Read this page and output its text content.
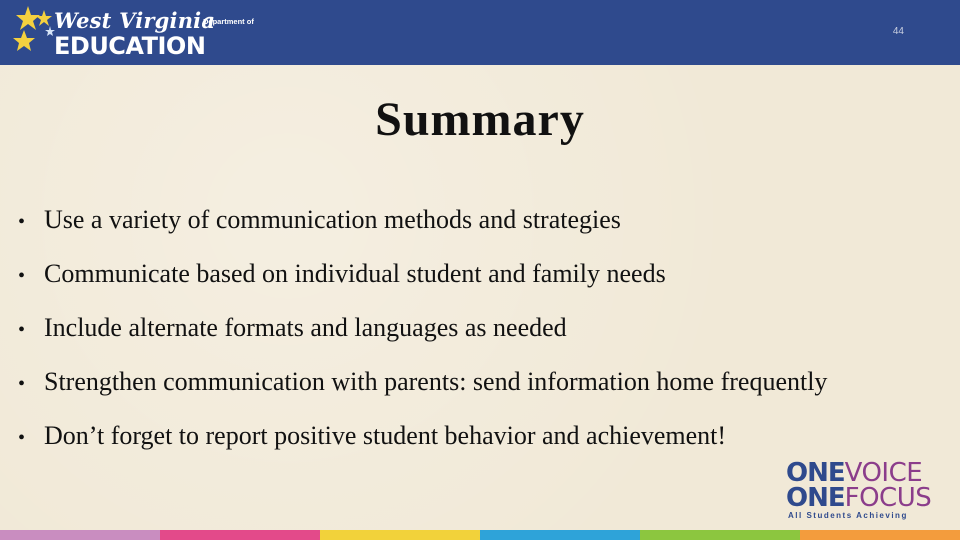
West Virginia
Department of
EDUCATION
44
Summary
• Use a variety of communication methods and strategies
• Communicate based on individual student and family needs
• Include alternate formats and languages as needed
• Strengthen communication with parents: send information home frequently
• Don’t forget to report positive student behavior and achievement!
ONEVOICE
ONEFOCUS
All Students Achieving
